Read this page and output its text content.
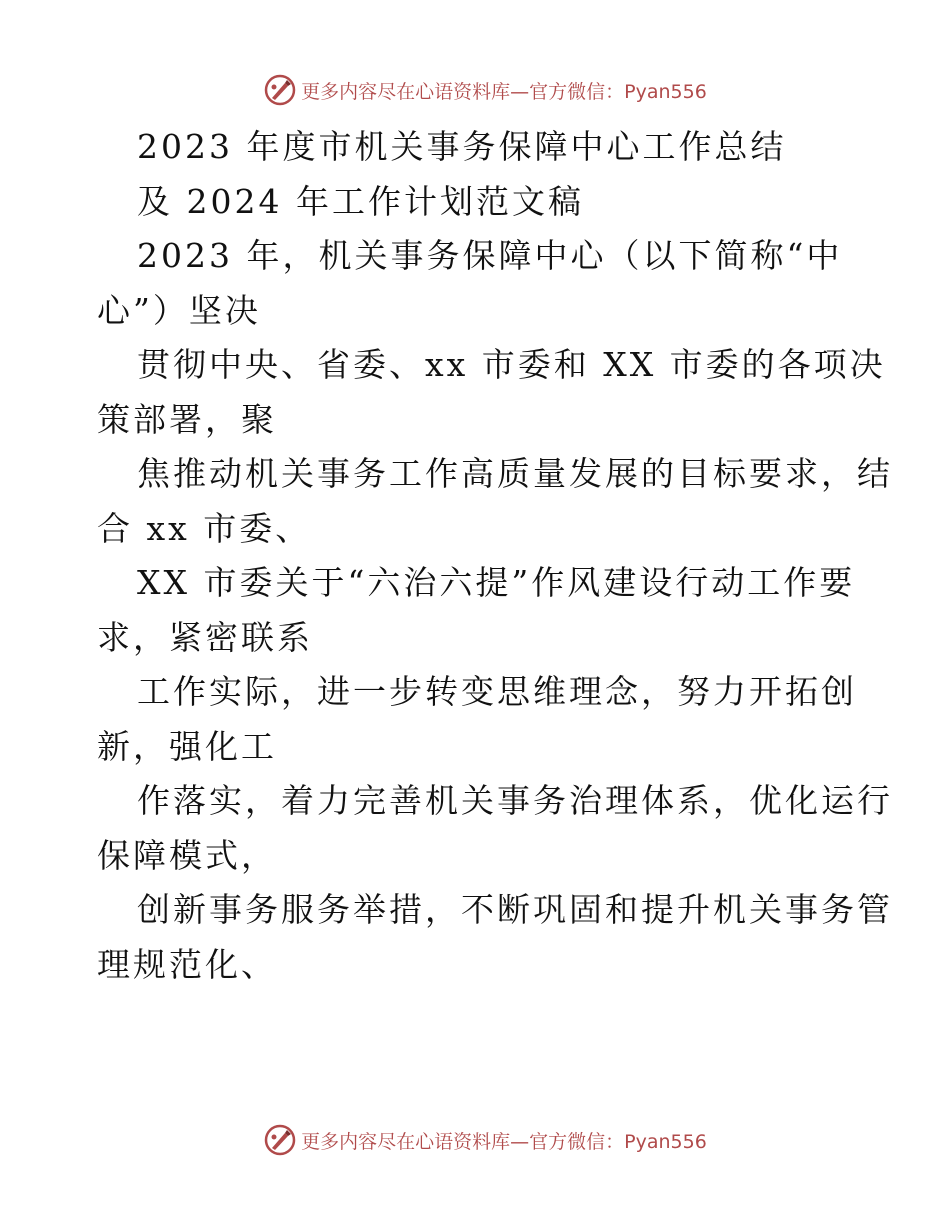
更多内容尽在心语资料库—官方微信：Pyan556
2023 年度市机关事务保障中心工作总结
及 2024 年工作计划范文稿
2023 年，机关事务保障中心（以下简称“中
心”）坚决
贯彻中央、省委、xx 市委和 XX 市委的各项决
策部署，聚
焦推动机关事务工作高质量发展的目标要求，结
合 xx 市委、
XX 市委关于“六治六提”作风建设行动工作要
求，紧密联系
工作实际，进一步转变思维理念，努力开拓创
新，强化工
作落实，着力完善机关事务治理体系，优化运行
保障模式，
创新事务服务举措，不断巩固和提升机关事务管
理规范化、
更多内容尽在心语资料库—官方微信：Pyan556
